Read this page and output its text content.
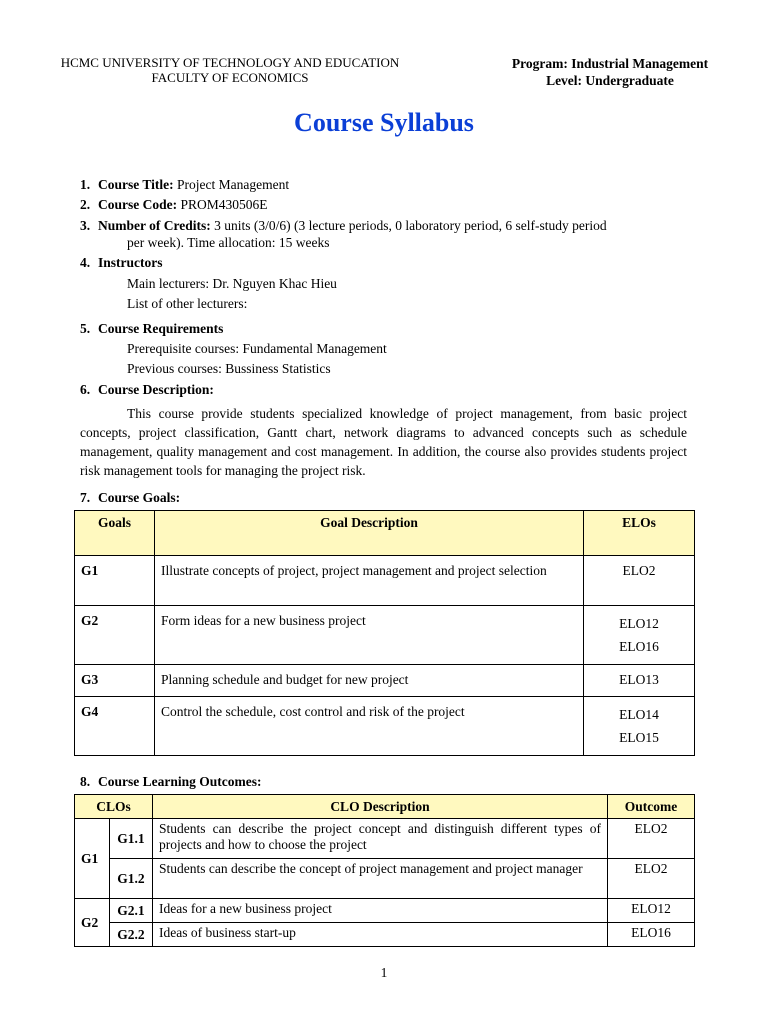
HCMC UNIVERSITY OF TECHNOLOGY AND EDUCATION
FACULTY OF ECONOMICS
Program: Industrial Management
Level: Undergraduate
Course Syllabus
1. Course Title: Project Management
2. Course Code: PROM430506E
3. Number of Credits: 3 units (3/0/6) (3 lecture periods, 0 laboratory period, 6 self-study period
per week). Time allocation: 15 weeks
4. Instructors
Main lecturers: Dr. Nguyen Khac Hieu
List of other lecturers:
5. Course Requirements
Prerequisite courses: Fundamental Management
Previous courses: Bussiness Statistics
6. Course Description:
This course provide students specialized knowledge of project management, from basic project concepts, project classification, Gantt chart, network diagrams to advanced concepts such as schedule management, quality management and cost management. In addition, the course also provides students project risk management tools for managing the project risk.
7. Course Goals:
Goals	Goal Description	ELOs
G1	Illustrate concepts of project, project management and project selection	ELO2

G2	Form ideas for a new business project	ELO12
ELO16

G3	Planning schedule and budget for new project	ELO13

G4	Control the schedule, cost control and risk of the project	ELO14
ELO15
8. Course Learning Outcomes:
CLOs		CLO Description	Outcome
G1	G1.1	Students can describe the project concept and distinguish different types of projects and how to choose the project	ELO2
	G1.2	Students can describe the concept of project management and project manager	ELO2
G2	G2.1	Ideas for a new business project	ELO12
	G2.2	Ideas of business start-up	ELO16
1
